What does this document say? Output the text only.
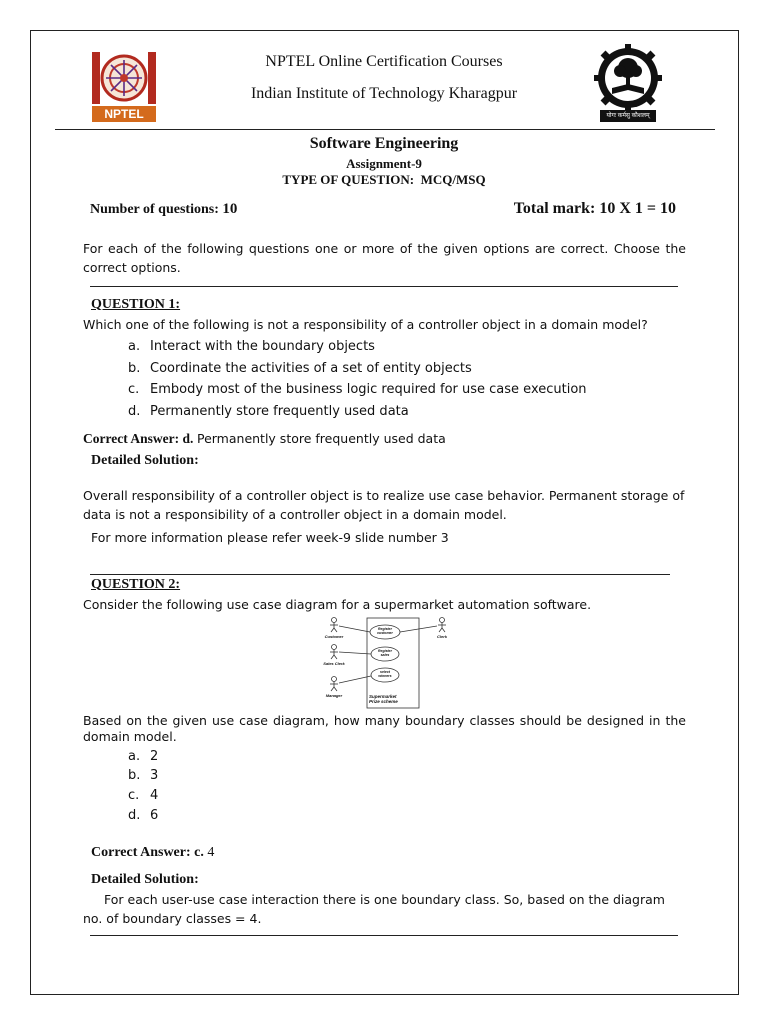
NPTEL	योगः कर्मसु कौशलम्
NPTEL Online Certification Courses
Indian Institute of Technology Kharagpur
Software Engineering
Assignment-9
TYPE OF QUESTION:  MCQ/MSQ
Number of questions: 10	Total mark: 10 X 1 = 10
For each of the following questions one or more of the given options are correct. Choose the correct options.
QUESTION 1:
Which one of the following is not a responsibility of a controller object in a domain model?
a. Interact with the boundary objects
b. Coordinate the activities of a set of entity objects
c. Embody most of the business logic required for use case execution
d. Permanently store frequently used data
Correct Answer: d. Permanently store frequently used data
Detailed Solution:
Overall responsibility of a controller object is to realize use case behavior. Permanent storage of data is not a responsibility of a controller object in a domain model.
For more information please refer week-9 slide number 3
QUESTION 2:
Consider the following use case diagram for a supermarket automation software.
Customer
Sales Clerk
Manager
Clerk
Register customer
Register sales
select winners
Supermarket Prize scheme
Based on the given use case diagram, how many boundary classes should be designed in the domain model.
a. 2
b. 3
c. 4
d. 6
Correct Answer: c. 4
Detailed Solution:
For each user-use case interaction there is one boundary class. So, based on the diagram no. of boundary classes = 4.
